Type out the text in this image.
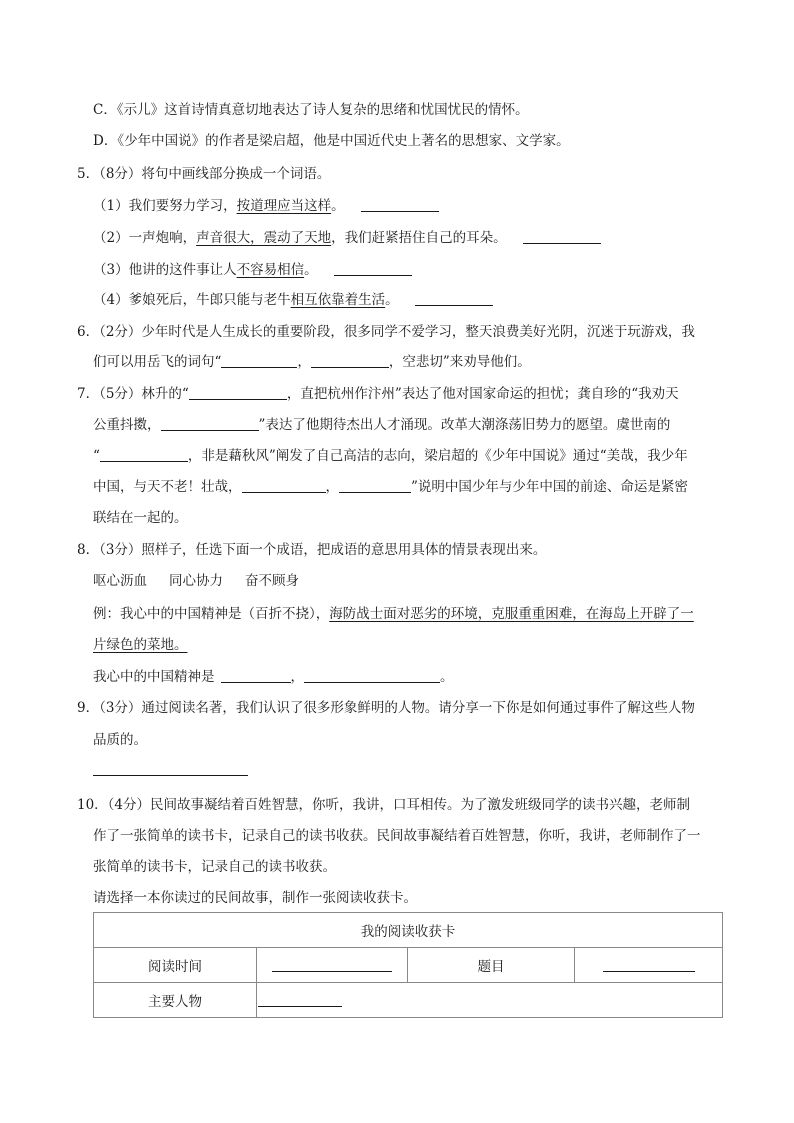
C．《示儿》这首诗情真意切地表达了诗人复杂的思绪和忧国忧民的情怀。
D．《少年中国说》的作者是梁启超，他是中国近代史上著名的思想家、文学家。
5．（8分）将句中画线部分换成一个词语。
（1）我们要努力学习，按道理应当这样。
（2）一声炮响，声音很大，震动了天地，我们赶紧捂住自己的耳朵。
（3）他讲的这件事让人不容易相信。
（4）爹娘死后，牛郎只能与老牛相互依靠着生活。
6．（2分）少年时代是人生成长的重要阶段，很多同学不爱学习，整天浪费美好光阴，沉迷于玩游戏，我
们可以用岳飞的词句“	，	，空悲切”来劝导他们。
7．（5分）林升的“	，直把杭州作汴州”表达了他对国家命运的担忧；龚自珍的“我劝天
公重抖擞，	”表达了他期待杰出人才涌现。改革大潮涤荡旧势力的愿望。虞世南的
“	，非是藉秋风”阐发了自己高洁的志向，梁启超的《少年中国说》通过“美哉，我少年
中国，与天不老！壮哉，	，	”说明中国少年与少年中国的前途、命运是紧密
联结在一起的。
8．（3分）照样子，任选下面一个成语，把成语的意思用具体的情景表现出来。
呕心沥血 同心协力 奋不顾身
例：我心中的中国精神是（百折不挠），海防战士面对恶劣的环境，克服重重困难，在海岛上开辟了一
片绿色的菜地。
我心中的中国精神是	，	。
9．（3分）通过阅读名著，我们认识了很多形象鲜明的人物。请分享一下你是如何通过事件了解这些人物
品质的。
10．（4分）民间故事凝结着百姓智慧，你听，我讲，口耳相传。为了激发班级同学的读书兴趣，老师制
作了一张简单的读书卡，记录自己的读书收获。民间故事凝结着百姓智慧，你听，我讲，老师制作了一
张简单的读书卡，记录自己的读书收获。
请选择一本你读过的民间故事，制作一张阅读收获卡。
我的阅读收获卡			
阅读时间		题目	
主要人物			
